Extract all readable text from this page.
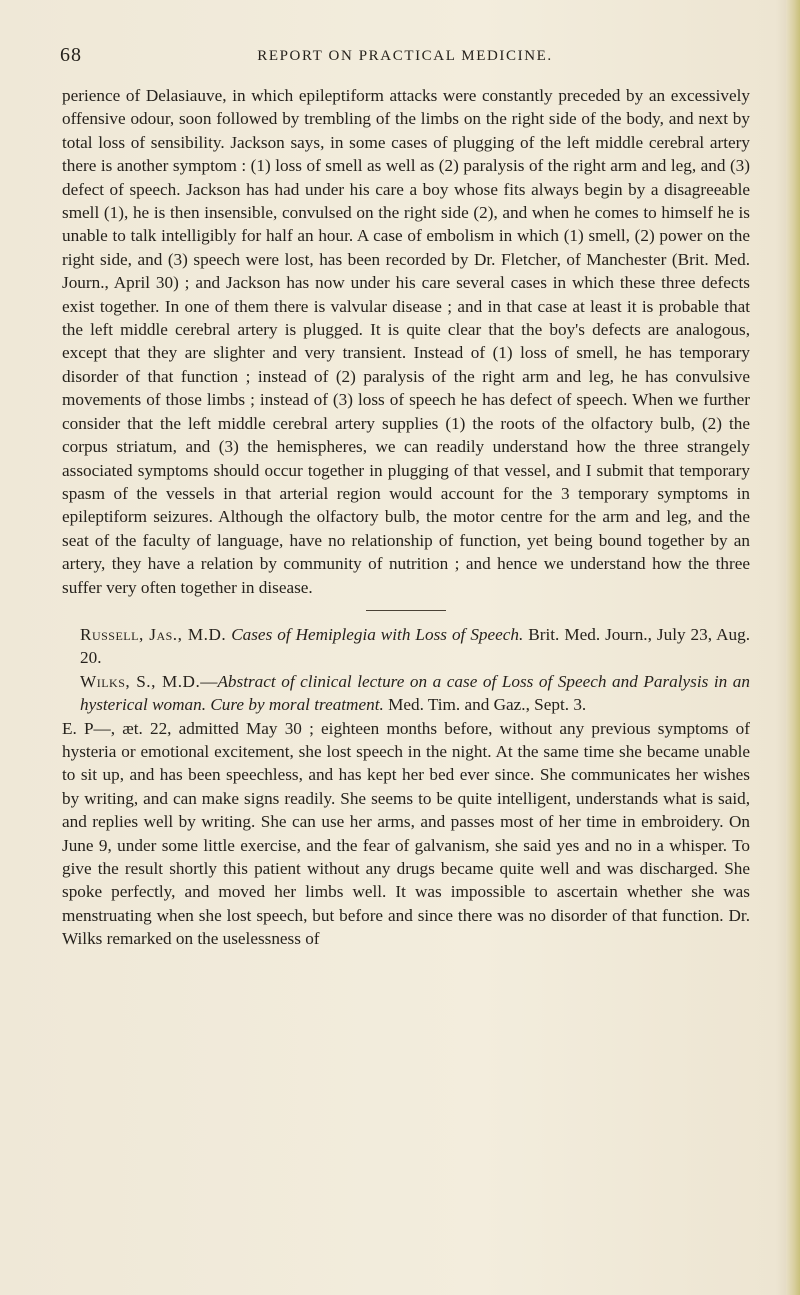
68	REPORT ON PRACTICAL MEDICINE.

perience of Delasiauve, in which epileptiform attacks were constantly preceded by an excessively offensive odour, soon followed by trembling of the limbs on the right side of the body, and next by total loss of sensibility. Jackson says, in some cases of plugging of the left middle cerebral artery there is another symptom : (1) loss of smell as well as (2) paralysis of the right arm and leg, and (3) defect of speech. Jackson has had under his care a boy whose fits always begin by a disagreeable smell (1), he is then insensible, convulsed on the right side (2), and when he comes to himself he is unable to talk intelligibly for half an hour. A case of embolism in which (1) smell, (2) power on the right side, and (3) speech were lost, has been recorded by Dr. Fletcher, of Manchester (Brit. Med. Journ., April 30) ; and Jackson has now under his care several cases in which these three defects exist together. In one of them there is valvular disease ; and in that case at least it is probable that the left middle cerebral artery is plugged. It is quite clear that the boy's defects are analogous, except that they are slighter and very transient. Instead of (1) loss of smell, he has temporary disorder of that function ; instead of (2) paralysis of the right arm and leg, he has convulsive movements of those limbs ; instead of (3) loss of speech he has defect of speech. When we further consider that the left middle cerebral artery supplies (1) the roots of the olfactory bulb, (2) the corpus striatum, and (3) the hemispheres, we can readily understand how the three strangely associated symptoms should occur together in plugging of that vessel, and I submit that temporary spasm of the vessels in that arterial region would account for the 3 temporary symptoms in epileptiform seizures. Although the olfactory bulb, the motor centre for the arm and leg, and the seat of the faculty of language, have no relationship of function, yet being bound together by an artery, they have a relation by community of nutrition ; and hence we understand how the three suffer very often together in disease.

Russell, Jas., M.D. Cases of Hemiplegia with Loss of Speech. Brit. Med. Journ., July 23, Aug. 20.

Wilks, S., M.D.—Abstract of clinical lecture on a case of Loss of Speech and Paralysis in an hysterical woman. Cure by moral treatment. Med. Tim. and Gaz., Sept. 3.

E. P—, æt. 22, admitted May 30 ; eighteen months before, without any previous symptoms of hysteria or emotional excitement, she lost speech in the night. At the same time she became unable to sit up, and has been speechless, and has kept her bed ever since. She communicates her wishes by writing, and can make signs readily. She seems to be quite intelligent, understands what is said, and replies well by writing. She can use her arms, and passes most of her time in embroidery. On June 9, under some little exercise, and the fear of galvanism, she said yes and no in a whisper. To give the result shortly this patient without any drugs became quite well and was discharged. She spoke perfectly, and moved her limbs well. It was impossible to ascertain whether she was menstruating when she lost speech, but before and since there was no disorder of that function. Dr. Wilks remarked on the uselessness of
